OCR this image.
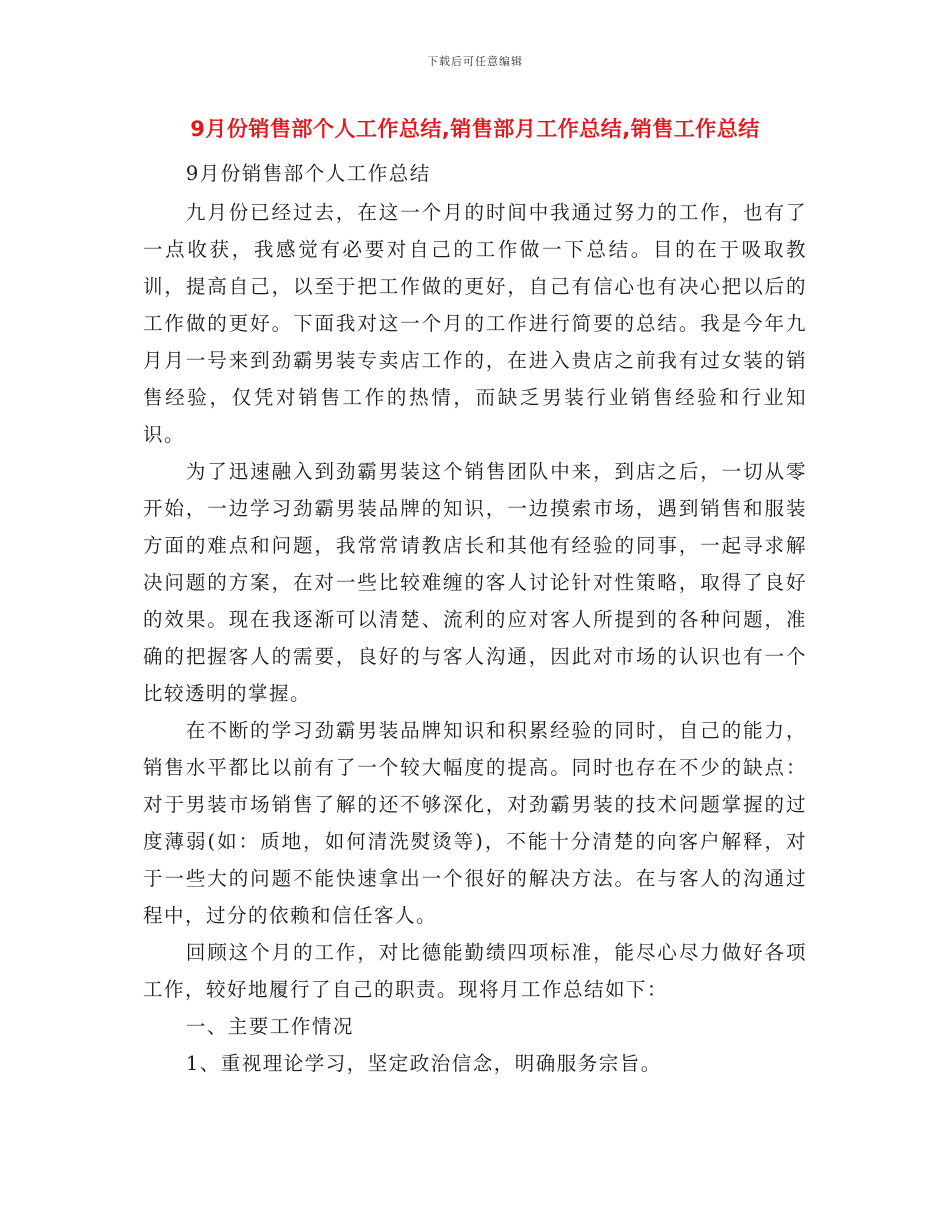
下载后可任意编辑
9月份销售部个人工作总结,销售部月工作总结,销售工作总结

9月份销售部个人工作总结

九月份已经过去，在这一个月的时间中我通过努力的工作，也有了一点收获，我感觉有必要对自己的工作做一下总结。目的在于吸取教训，提高自己，以至于把工作做的更好，自己有信心也有决心把以后的工作做的更好。下面我对这一个月的工作进行简要的总结。我是今年九月月一号来到劲霸男装专卖店工作的，在进入贵店之前我有过女装的销售经验，仅凭对销售工作的热情，而缺乏男装行业销售经验和行业知识。

为了迅速融入到劲霸男装这个销售团队中来，到店之后，一切从零开始，一边学习劲霸男装品牌的知识，一边摸索市场，遇到销售和服装方面的难点和问题，我常常请教店长和其他有经验的同事，一起寻求解决问题的方案，在对一些比较难缠的客人讨论针对性策略，取得了良好的效果。现在我逐渐可以清楚、流利的应对客人所提到的各种问题，准确的把握客人的需要，良好的与客人沟通，因此对市场的认识也有一个比较透明的掌握。

在不断的学习劲霸男装品牌知识和积累经验的同时，自己的能力，销售水平都比以前有了一个较大幅度的提高。同时也存在不少的缺点：对于男装市场销售了解的还不够深化，对劲霸男装的技术问题掌握的过度薄弱(如：质地，如何清洗熨烫等)，不能十分清楚的向客户解释，对于一些大的问题不能快速拿出一个很好的解决方法。在与客人的沟通过程中，过分的依赖和信任客人。

回顾这个月的工作，对比德能勤绩四项标准，能尽心尽力做好各项工作，较好地履行了自己的职责。现将月工作总结如下：

一、主要工作情况

1、重视理论学习，坚定政治信念，明确服务宗旨。
